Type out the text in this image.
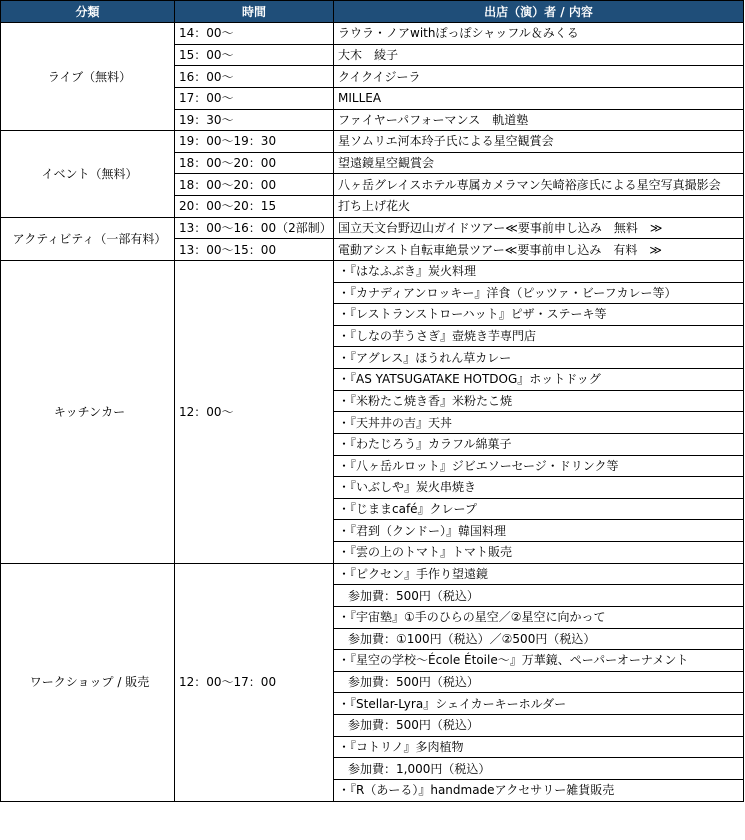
分類	時間	出店（演）者 / 内容
ライブ（無料）	14：00〜	ラウラ・ノアwithぽっぽシャッフル＆みくる
	15：00〜	大木　綾子
	16：00〜	クイクイジーラ
	17：00〜	MILLEA
	19：30〜	ファイヤーパフォーマンス　軌道塾
イベント（無料）	19：00〜19：30	星ソムリエ河本玲子氏による星空観賞会
	18：00〜20：00	望遠鏡星空観賞会
	18：00〜20：00	八ヶ岳グレイスホテル専属カメラマン矢崎裕彦氏による星空写真撮影会
	20：00〜20：15	打ち上げ花火
アクティビティ（一部有料）	13：00〜16：00（2部制）	国立天文台野辺山ガイドツアー≪要事前申し込み　無料　≫
	13：00〜15：00	電動アシスト自転車絶景ツアー≪要事前申し込み　有料　≫
キッチンカー	12：00〜	・『はなふぶき』炭火料理
		・『カナディアンロッキー』洋食（ピッツァ・ビーフカレー等）
		・『レストランストローハット』ピザ・ステーキ等
		・『しなの芋うさぎ』壺焼き芋専門店
		・『アグレス』ほうれん草カレー
		・『AS YATSUGATAKE HOTDOG』ホットドッグ
		・『米粉たこ焼き香』米粉たこ焼
		・『天丼井の吉』天丼
		・『わたじろう』カラフル綿菓子
		・『八ヶ岳ルロット』ジビエソーセージ・ドリンク等
		・『いぶしや』炭火串焼き
		・『じままcafé』クレープ
		・『君到（クンドー）』韓国料理
		・『雲の上のトマト』トマト販売
ワークショップ / 販売	12：00〜17：00	・『ピクセン』手作り望遠鏡
		参加費：500円（税込）
		・『宇宙塾』①手のひらの星空／②星空に向かって
		参加費：①100円（税込）／②500円（税込）
		・『星空の学校〜École Étoile〜』万華鏡、ペーパーオーナメント
		参加費：500円（税込）
		・『Stellar-Lyra』シェイカーキーホルダー
		参加費：500円（税込）
		・『コトリノ』多肉植物
		参加費：1,000円（税込）
		・『R（あーる）』handmadeアクセサリー雑貨販売
